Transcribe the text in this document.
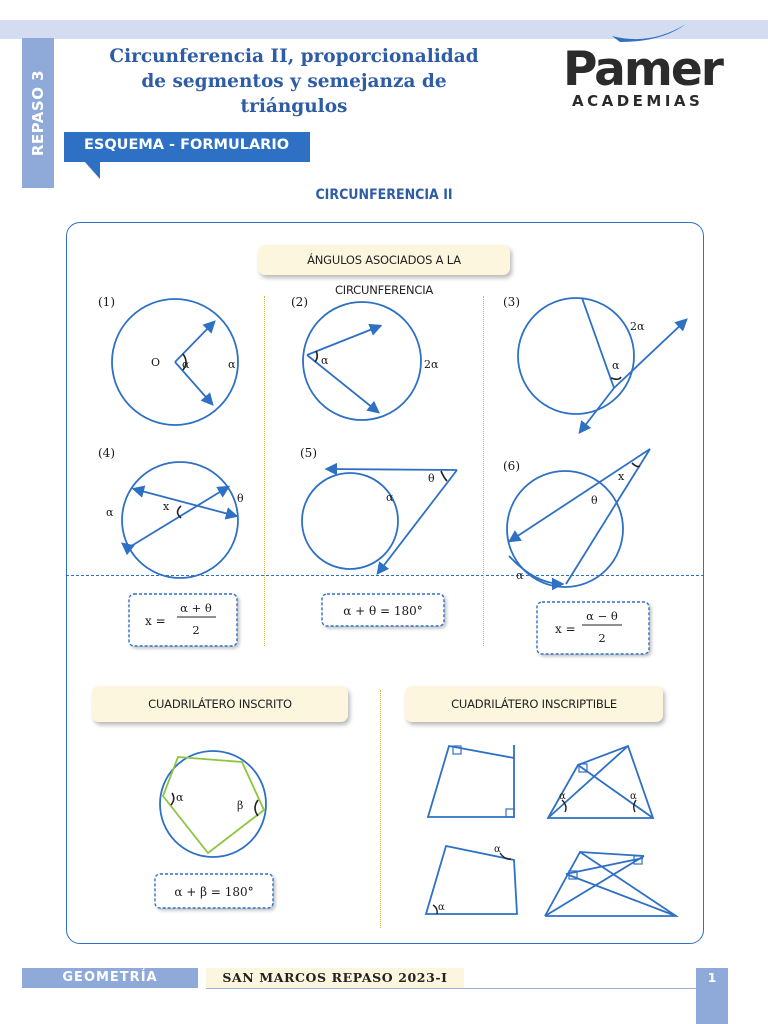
REPASO 3
Circunferencia II, proporcionalidad
de segmentos y semejanza de
triángulos
Pamer
ACADEMIAS
ESQUEMA - FORMULARIO
CIRCUNFERENCIA II
ÁNGULOS ASOCIADOS A LA CIRCUNFERENCIA
CUADRILÁTERO INSCRITO	CUADRILÁTERO INSCRIPTIBLE
(1)	(2)	(3)
(4)	(5)
(6)
O α	α	α	2α	α
2α
x
α
θ
θ
α
x
θ
α
α
β
α	α
α
α
x =
α + θ
2
α + θ = 180°
x =
α − θ
2
α + β = 180°
GEOMETRÍA	SAN MARCOS REPASO 2023-I	1
